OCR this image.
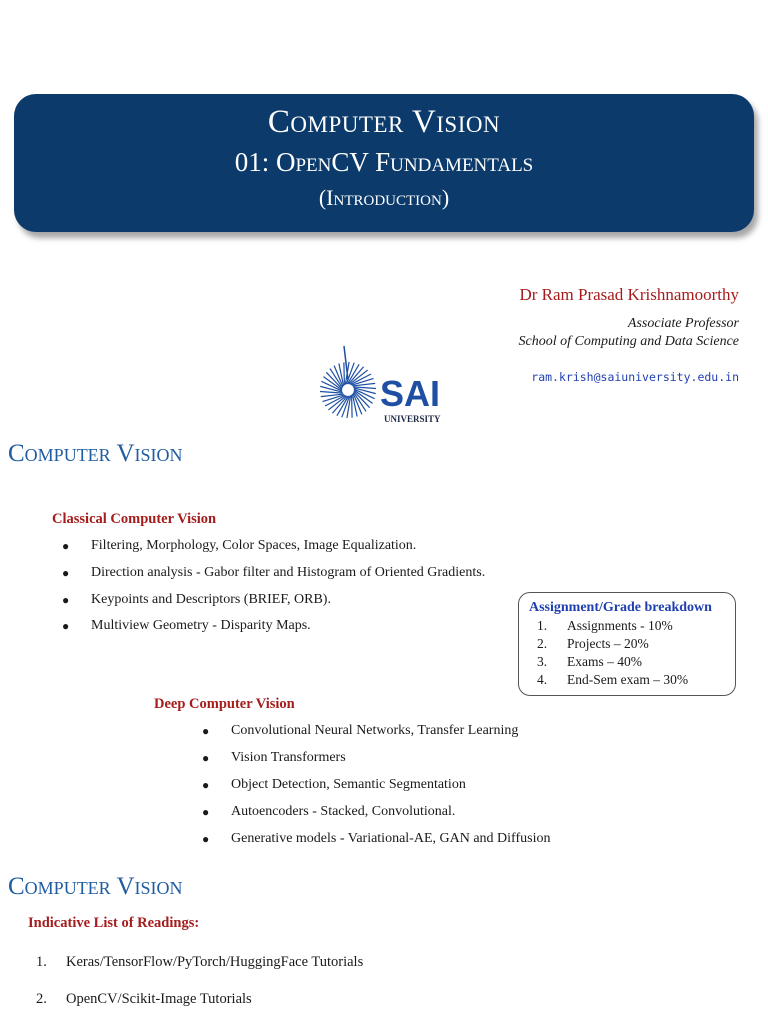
Computer Vision
01: OpenCV Fundamentals
(Introduction)
Dr Ram Prasad Krishnamoorthy
Associate Professor
School of Computing and Data Science
ram.krish@saiuniversity.edu.in
SAI
UNIVERSITY
Computer Vision
Classical Computer Vision
● Filtering, Morphology, Color Spaces, Image Equalization.
● Direction analysis - Gabor filter and Histogram of Oriented Gradients.
● Keypoints and Descriptors (BRIEF, ORB).
● Multiview Geometry - Disparity Maps.
Assignment/Grade breakdown
1. Assignments - 10%
2. Projects – 20%
3. Exams – 40%
4. End-Sem exam – 30%
Deep Computer Vision
● Convolutional Neural Networks, Transfer Learning
● Vision Transformers
● Object Detection, Semantic Segmentation
● Autoencoders - Stacked, Convolutional.
● Generative models - Variational-AE, GAN and Diffusion
Computer Vision
Indicative List of Readings:
1. Keras/TensorFlow/PyTorch/HuggingFace Tutorials
2. OpenCV/Scikit-Image Tutorials
